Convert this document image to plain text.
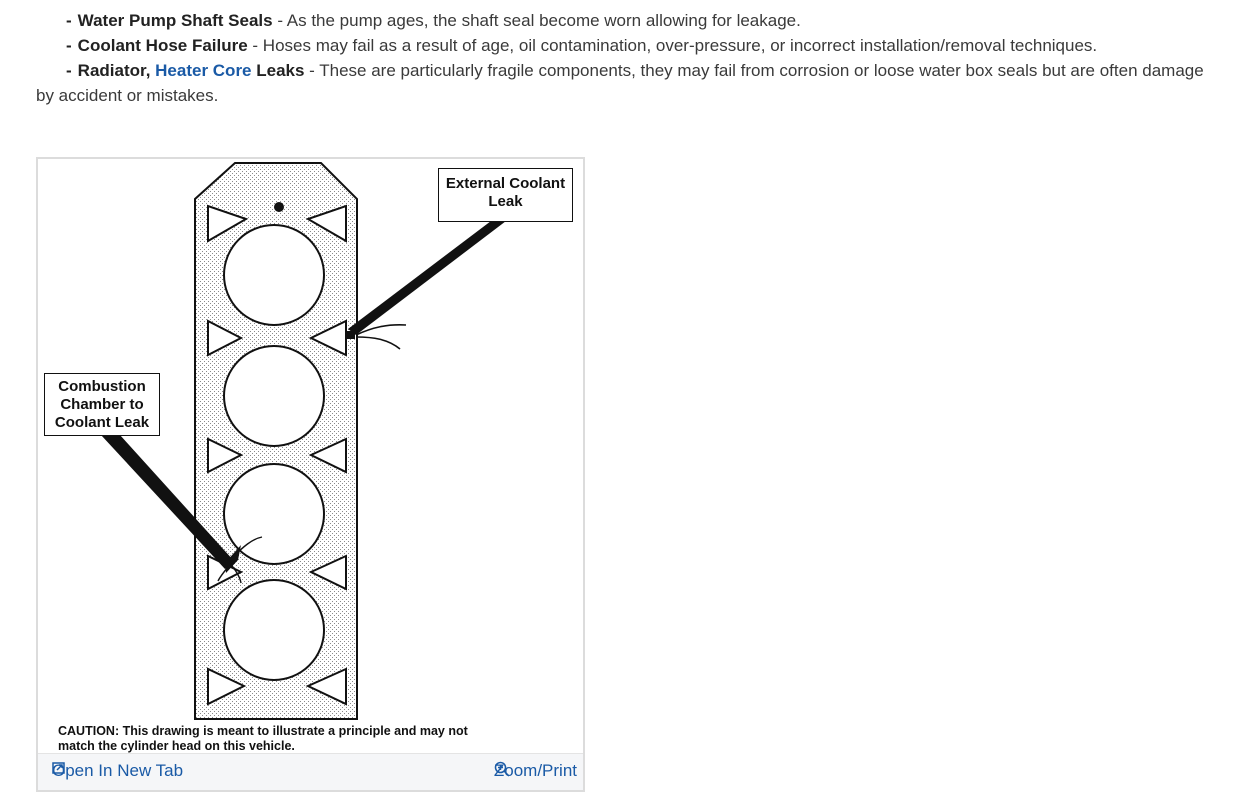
- Water Pump Shaft Seals - As the pump ages, the shaft seal become worn allowing for leakage.
- Coolant Hose Failure - Hoses may fail as a result of age, oil contamination, over-pressure, or incorrect installation/removal techniques.
- Radiator, Heater Core Leaks - These are particularly fragile components, they may fail from corrosion or loose water box seals but are often damage
by accident or mistakes.
External Coolant
Leak
Combustion
Chamber to
Coolant Leak
CAUTION: This drawing is meant to illustrate a principle and may not
match the cylinder head on this vehicle.
Open In New Tab	Zoom/Print
